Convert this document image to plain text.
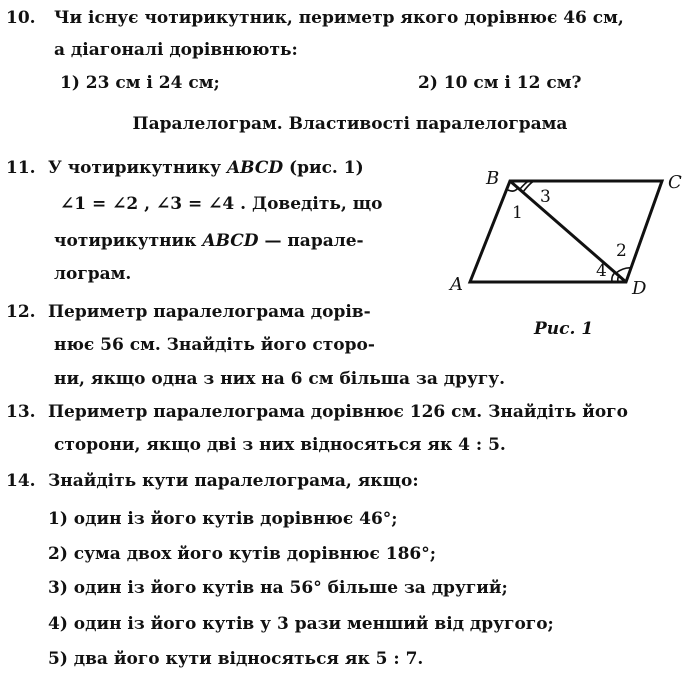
10. Чи існує чотирикутник, периметр якого дорівнює 46 см,
а діагоналі дорівнюють:
1) 23 см і 24 см;	2) 10 см і 12 см?
Паралелограм. Властивості паралелограма
11. У чотирикутнику ABCD (рис. 1)
∠1 = ∠2 , ∠3 = ∠4 . Доведіть, що
чотирикутник ABCD — парале-
лограм.
12. Периметр паралелограма дорів-
нює 56 см. Знайдіть його сторо-
ни, якщо одна з них на 6 см більша за другу.
13. Периметр паралелограма дорівнює 126 см. Знайдіть його
сторони, якщо дві з них відносяться як 4 : 5.
14. Знайдіть кути паралелограма, якщо:
1) один із його кутів дорівнює 46°;
2) сума двох його кутів дорівнює 186°;
3) один із його кутів на 56° більше за другий;
4) один із його кутів у 3 рази менший від другого;
5) два його кути відносяться як 5 : 7.
B	C
A	D
3
1
2
4
Рис. 1
